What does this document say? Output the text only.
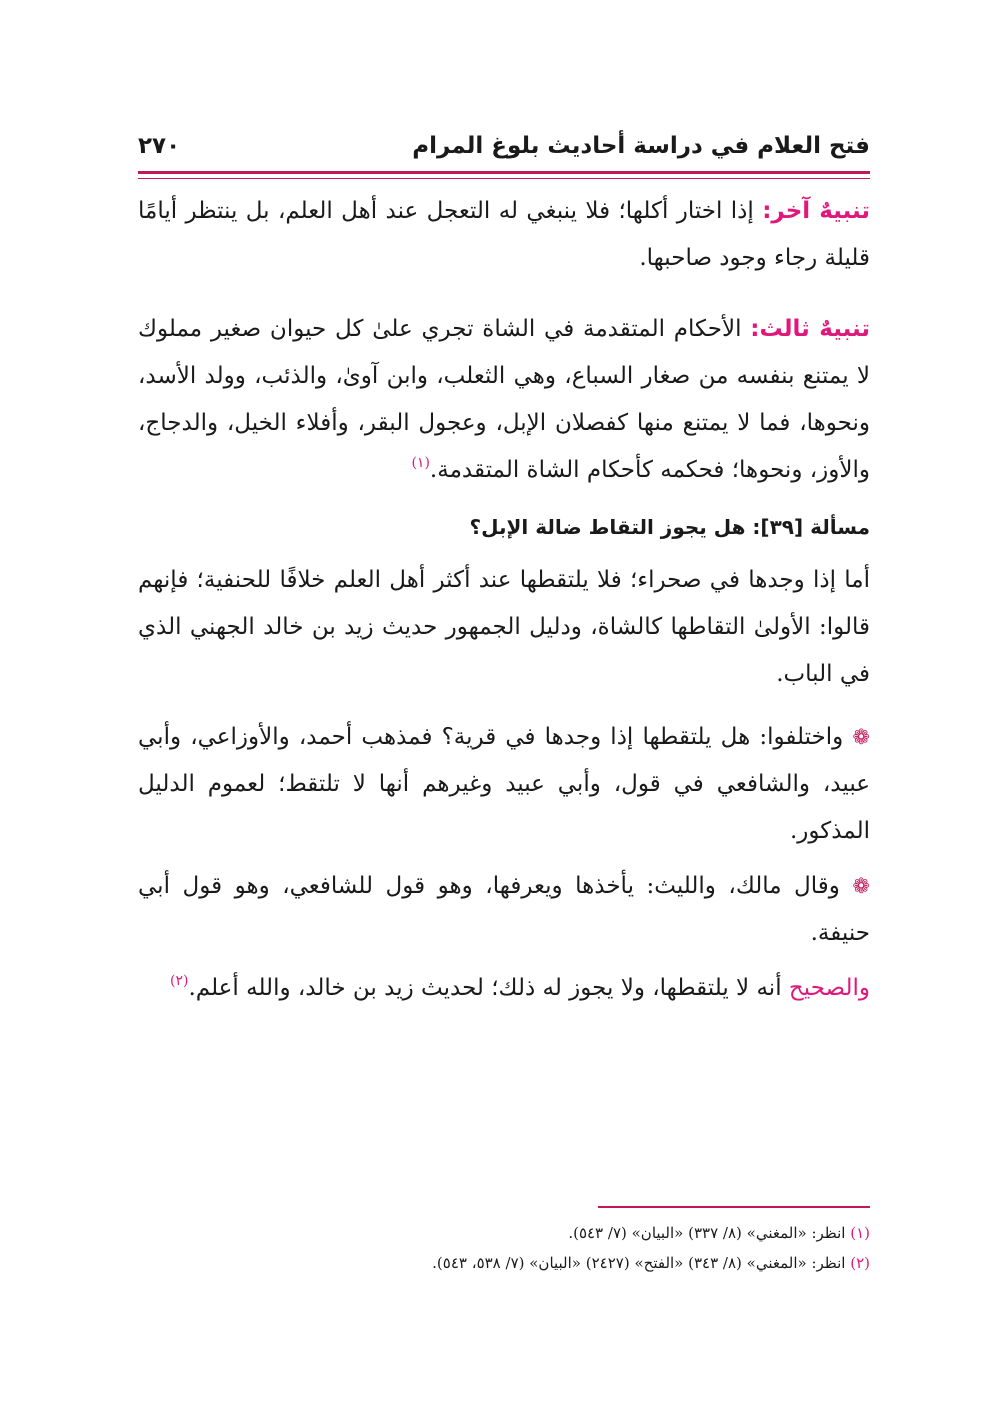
فتح العلام في دراسة أحاديث بلوغ المرام
٢٧٠

تنبيهٌ آخر: إذا اختار أكلها؛ فلا ينبغي له التعجل عند أهل العلم، بل ينتظر أيامًا قليلة رجاء وجود صاحبها.

تنبيهٌ ثالث: الأحكام المتقدمة في الشاة تجري علىٰ كل حيوان صغير مملوك لا يمتنع بنفسه من صغار السباع، وهي الثعلب، وابن آوىٰ، والذئب، وولد الأسد، ونحوها، فما لا يمتنع منها كفصلان الإبل، وعجول البقر، وأفلاء الخيل، والدجاج، والأوز، ونحوها؛ فحكمه كأحكام الشاة المتقدمة.$^{(١)}$

مسألة [٣٩]: هل يجوز التقاط ضالة الإبل؟

أما إذا وجدها في صحراء؛ فلا يلتقطها عند أكثر أهل العلم خلافًا للحنفية؛ فإنهم قالوا: الأولىٰ التقاطها كالشاة، ودليل الجمهور حديث زيد بن خالد الجهني الذي في الباب.

❁ واختلفوا: هل يلتقطها إذا وجدها في قرية؟ فمذهب أحمد، والأوزاعي، وأبي عبيد، والشافعي في قول، وأبي عبيد وغيرهم أنها لا تلتقط؛ لعموم الدليل المذكور.

❁ وقال مالك، والليث: يأخذها ويعرفها، وهو قول للشافعي، وهو قول أبي حنيفة.

والصحيح أنه لا يلتقطها، ولا يجوز له ذلك؛ لحديث زيد بن خالد، والله أعلم.$^{(٢)}$

(١) انظر: «المغني» (٨/ ٣٣٧) «البيان» (٧/ ٥٤٣).

(٢) انظر: «المغني» (٨/ ٣٤٣) «الفتح» (٢٤٢٧) «البيان» (٧/ ٥٣٨، ٥٤٣).
